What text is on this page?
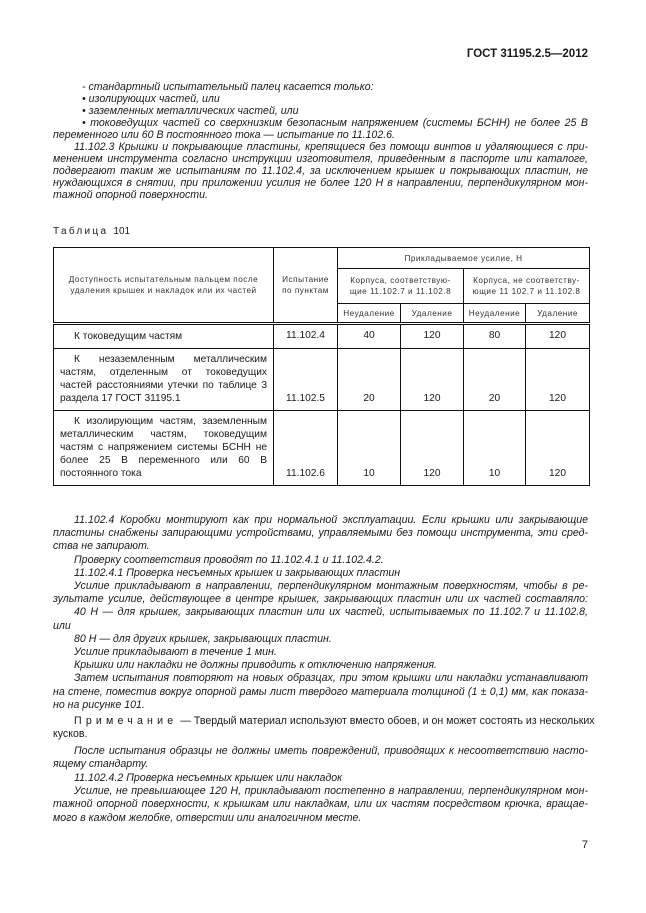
ГОСТ 31195.2.5—2012
- стандартный испытательный палец касается только:
• изолирующих частей, или
• заземленных металлических частей, или
• токоведущих частей со сверхнизким безопасным напряжением (системы БСНН) не более 25 В
переменного или 60 В постоянного тока — испытание по 11.102.6.
11.102.3 Крышки и покрывающие пластины, крепящиеся без помощи винтов и удаляющиеся с при-
менением инструмента согласно инструкции изготовителя, приведенным в паспорте или каталоге,
подвергают таким же испытаниям по 11.102.4, за исключением крышек и покрывающих пластин, не
нуждающихся в снятии, при приложении усилия не более 120 Н в направлении, перпендикулярном мон-
тажной опорной поверхности.
11.102.4 Коробки монтируют как при нормальной эксплуатации. Если крышки или закрывающие
пластины снабжены запирающими устройствами, управляемыми без помощи инструмента, эти сред-
ства не запирают.
Проверку соответствия проводят по 11.102.4.1 и 11.102.4.2.
11.102.4.1 Проверка несъемных крышек и закрывающих пластин
Усилие прикладывают в направлении, перпендикулярном монтажным поверхностям, чтобы в ре-
зультате усилие, действующее в центре крышек, закрывающих пластин или их частей составляло:
40 Н — для крышек, закрывающих пластин или их частей, испытываемых по 11.102.7 и 11.102.8,
или
80 Н — для других крышек, закрывающих пластин.
Усилие прикладывают в течение 1 мин.
Крышки или накладки не должны приводить к отключению напряжения.
Затем испытания повторяют на новых образцах, при этом крышки или накладки устанавливают
на стене, поместив вокруг опорной рамы лист твердого материала толщиной (1 ± 0,1) мм, как показа-
но на рисунке 101.
Примечание — Твердый материал используют вместо обоев, и он может состоять из нескольких
кусков.
После испытания образцы не должны иметь повреждений, приводящих к несоответствию насто-
ящему стандарту.
11.102.4.2 Проверка несъемных крышек или накладок
Усилие, не превышающее 120 Н, прикладывают постепенно в направлении, перпендикулярном мон-
тажной опорной поверхности, к крышкам или накладкам, или их частям посредством крючка, вращае-
мого в каждом желобке, отверстии или аналогичном месте.
Таблица 101
Доступность испытательным пальцем после удаления крышек и накладок или их частей	Испытание по пунктам	Прикладываемое усилие, Н			
		Корпуса, соответствую-щие 11.102.7 и 11.102.8		Корпуса, не соответству-ющие 11 102.7 и 11.102.8	
		Неудаление	Удаление	Неудаление	Удаление
К токоведущим частям	11.102.4	40	120	80	120
К незаземленным металлическим частям, отделенным от токоведущих частей расстояниями утечки по таблице 3 раздела 17 ГОСТ 31195.1	11.102.5	20	120	20	120
К изолирующим частям, заземленным металлическим частям, токоведущим частям с напряжением системы БСНН не более 25 В переменного или 60 В постоянного тока	11.102.6	10	120	10	120
7
